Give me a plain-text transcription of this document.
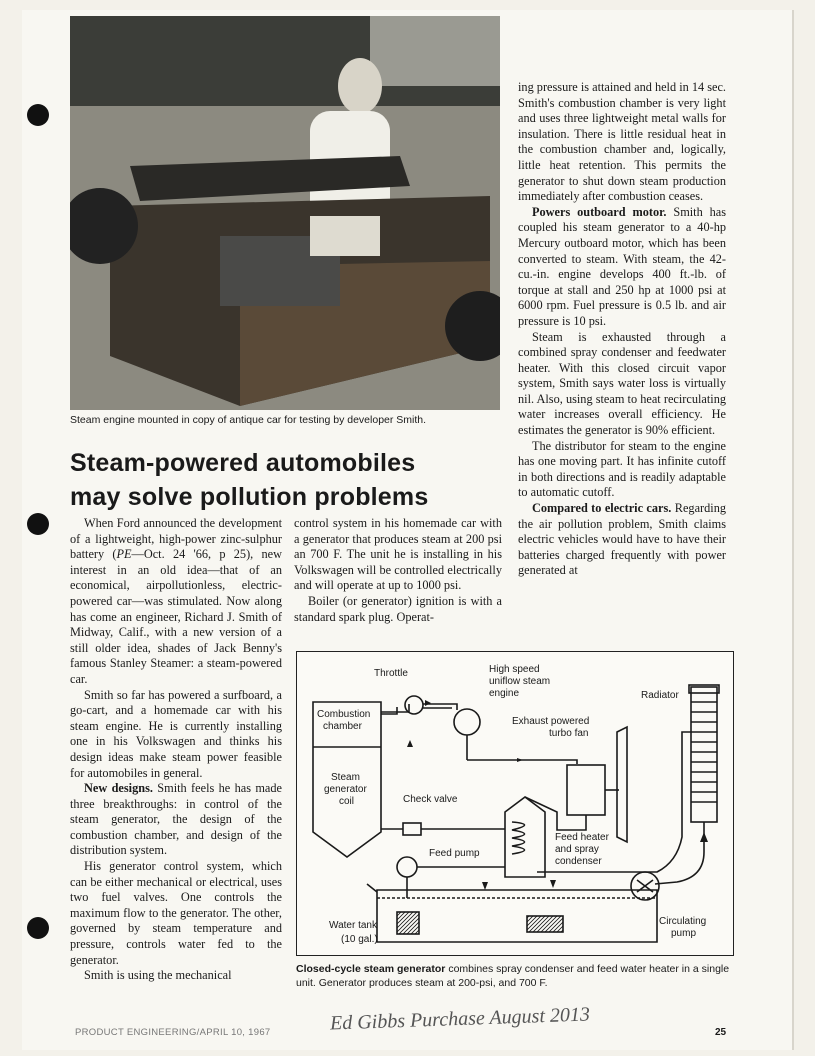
Steam engine mounted in copy of antique car for testing by developer Smith.
Steam-powered automobiles
may solve pollution problems

When Ford announced the development of a lightweight, high-power zinc-sulphur battery (PE—Oct. 24 '66, p 25), new interest in an old idea—that of an economical, airpollutionless, electric-powered car—was stimulated. Now along has come an engineer, Richard J. Smith of Midway, Calif., with a new version of a still older idea, shades of Jack Benny's famous Stanley Steamer: a steam-powered car.

Smith so far has powered a surfboard, a go-cart, and a homemade car with his steam engine. He is currently installing one in his Volkswagen and thinks his design ideas make steam power feasible for automobiles in general.

New designs. Smith feels he has made three breakthroughs: in control of the steam generator, the design of the combustion chamber, and design of the distribution system.

His generator control system, which can be either mechanical or electrical, uses two fuel valves. One controls the maximum flow to the generator. The other, governed by steam temperature and pressure, controls water fed to the generator.

Smith is using the mechanical

control system in his homemade car with a generator that produces steam at 200 psi an 700 F. The unit he is installing in his Volkswagen will be controlled electrically and will operate at up to 1000 psi.

Boiler (or generator) ignition is with a standard spark plug. Operat-

ing pressure is attained and held in 14 sec. Smith's combustion chamber is very light and uses three lightweight metal walls for insulation. There is little residual heat in the combustion chamber and, logically, little heat retention. This permits the generator to shut down steam production immediately after combustion ceases.

Powers outboard motor. Smith has coupled his steam generator to a 40-hp Mercury outboard motor, which has been converted to steam. With steam, the 42-cu.-in. engine develops 400 ft.-lb. of torque at stall and 250 hp at 1000 psi at 6000 rpm. Fuel pressure is 0.5 lb. and air pressure is 10 psi.

Steam is exhausted through a combined spray condenser and feedwater heater. With this closed circuit vapor system, Smith says water loss is virtually nil. Also, using steam to heat recirculating water increases overall efficiency. He estimates the generator is 90% efficient.

The distributor for steam to the engine has one moving part. It has infinite cutoff in both directions and is readily adaptable to automatic cutoff.

Compared to electric cars. Regarding the air pollution problem, Smith claims electric vehicles would have to have their batteries charged frequently with power generated at

Throttle	High speed
uniflow steam
engine	Radiator
Combustion
chamber	Exhaust powered
turbo fan
Steam
generator
coil	Check valve
Feed pump
Feed heater
and spray
condenser
Water tank
(10 gal.)
Circulating
pump
Closed-cycle steam generator combines spray condenser and feed water heater in a single unit. Generator produces steam at 200-psi, and 700 F.
Ed Gibbs Purchase August 2013
PRODUCT ENGINEERING/APRIL 10, 1967	25
